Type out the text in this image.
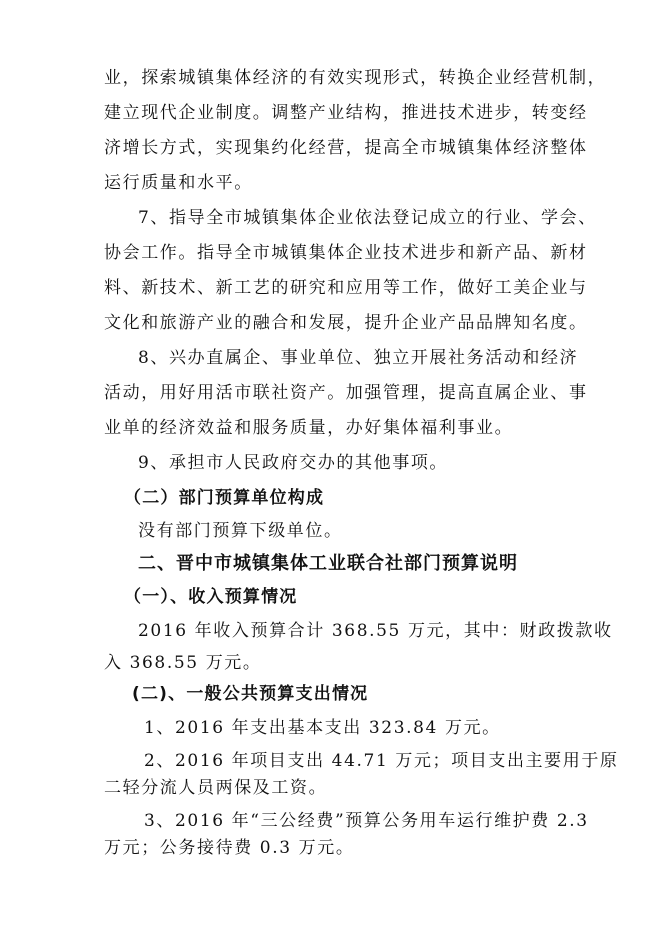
业，探索城镇集体经济的有效实现形式，转换企业经营机制，
建立现代企业制度。调整产业结构，推进技术进步，转变经
济增长方式，实现集约化经营，提高全市城镇集体经济整体
运行质量和水平。
7、指导全市城镇集体企业依法登记成立的行业、学会、
协会工作。指导全市城镇集体企业技术进步和新产品、新材
料、新技术、新工艺的研究和应用等工作，做好工美企业与
文化和旅游产业的融合和发展，提升企业产品品牌知名度。
8、兴办直属企、事业单位、独立开展社务活动和经济
活动，用好用活市联社资产。加强管理，提高直属企业、事
业单的经济效益和服务质量，办好集体福利事业。
9、承担市人民政府交办的其他事项。
（二）部门预算单位构成
没有部门预算下级单位。
二、晋中市城镇集体工业联合社部门预算说明
（一）、收入预算情况
2016 年收入预算合计 368.55 万元，其中：财政拨款收
入 368.55 万元。
(二)、一般公共预算支出情况
1、2016 年支出基本支出 323.84 万元。
2、2016 年项目支出 44.71 万元；项目支出主要用于原
二轻分流人员两保及工资。
3、2016 年“三公经费”预算公务用车运行维护费 2.3
万元；公务接待费 0.3 万元。
